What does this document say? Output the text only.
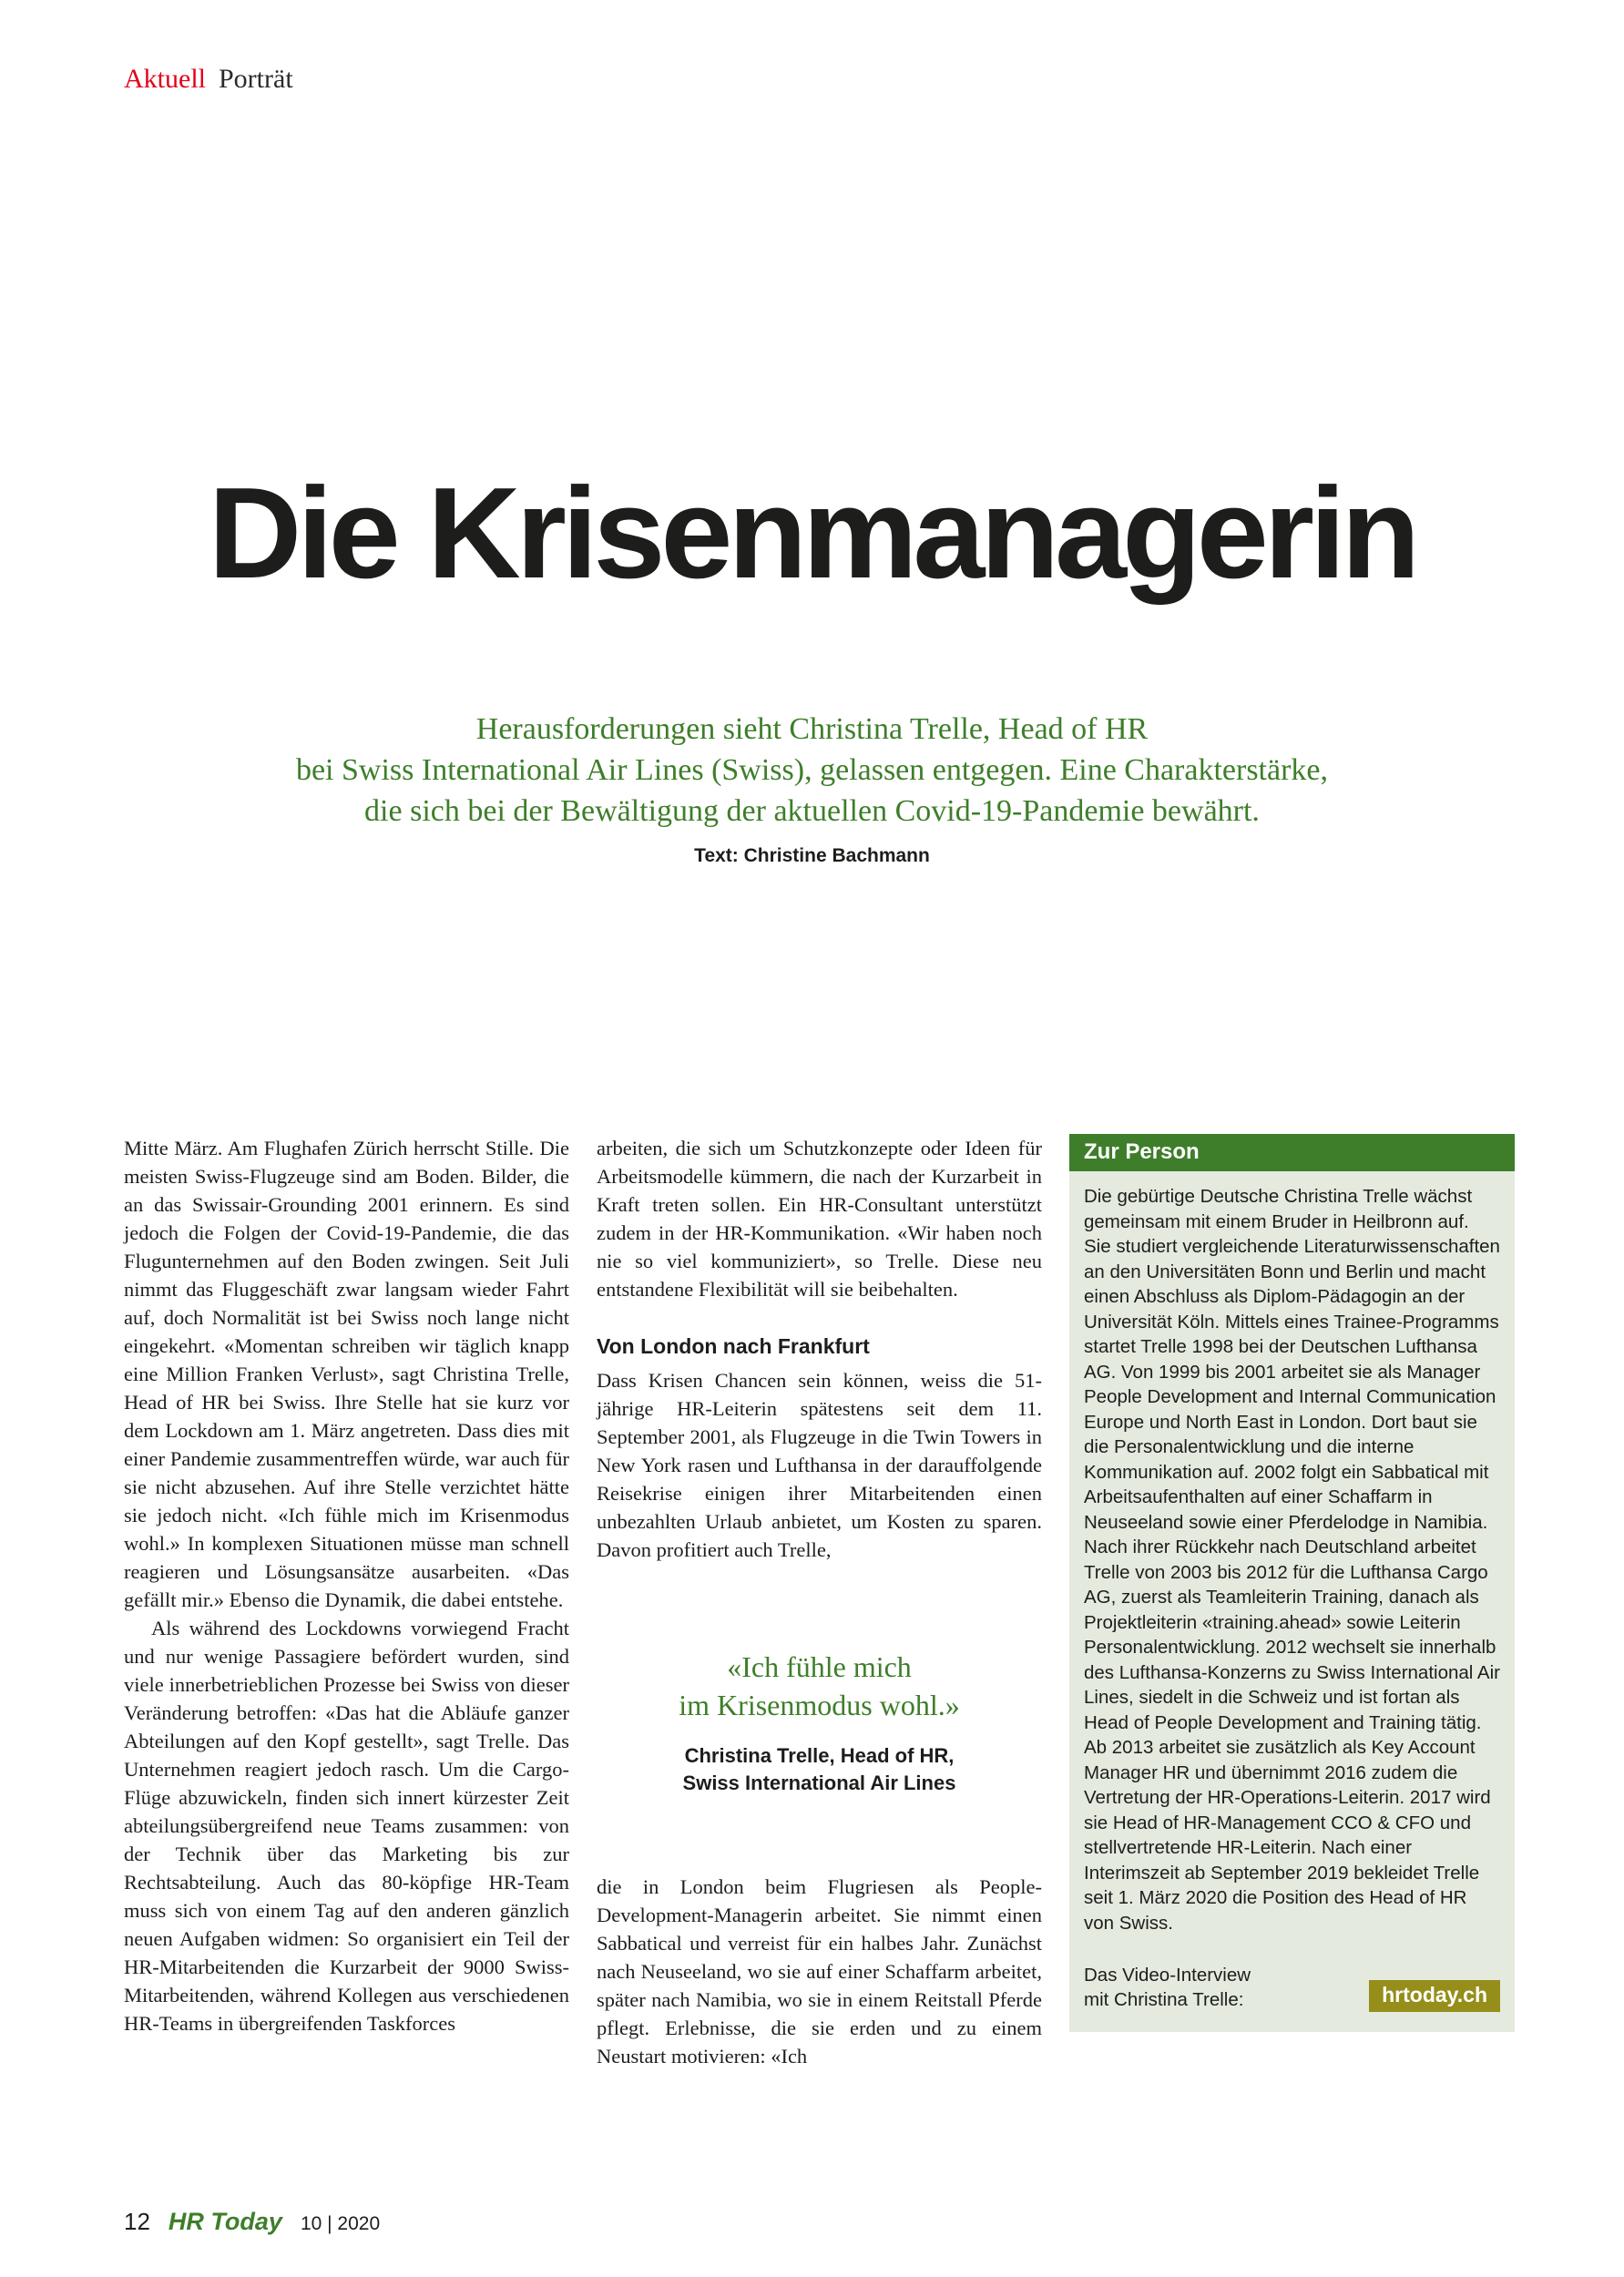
Aktuell Porträt
Die Krisenmanagerin
Herausforderungen sieht Christina Trelle, Head of HR
bei Swiss International Air Lines (Swiss), gelassen entgegen. Eine Charakterstärke,
die sich bei der Bewältigung der aktuellen Covid-19-Pandemie bewährt.
Text: Christine Bachmann

Mitte März. Am Flughafen Zürich herrscht Stille. Die meisten Swiss-Flugzeuge sind am Boden. Bilder, die an das Swissair-Grounding 2001 erinnern. Es sind jedoch die Folgen der Covid-19-Pandemie, die das Flugunternehmen auf den Boden zwingen. Seit Juli nimmt das Fluggeschäft zwar langsam wieder Fahrt auf, doch Normalität ist bei Swiss noch lange nicht eingekehrt. «Momentan schreiben wir täglich knapp eine Million Franken Verlust», sagt Christina Trelle, Head of HR bei Swiss. Ihre Stelle hat sie kurz vor dem Lockdown am 1. März angetreten. Dass dies mit einer Pandemie zusammentreffen würde, war auch für sie nicht abzusehen. Auf ihre Stelle verzichtet hätte sie jedoch nicht. «Ich fühle mich im Krisenmodus wohl.» In komplexen Situationen müsse man schnell reagieren und Lösungsansätze ausarbeiten. «Das gefällt mir.» Ebenso die Dynamik, die dabei entstehe.

Als während des Lockdowns vorwiegend Fracht und nur wenige Passagiere befördert wurden, sind viele innerbetrieblichen Prozesse bei Swiss von dieser Veränderung betroffen: «Das hat die Abläufe ganzer Abteilungen auf den Kopf gestellt», sagt Trelle. Das Unternehmen reagiert jedoch rasch. Um die Cargo-Flüge abzuwickeln, finden sich innert kürzester Zeit abteilungsübergreifend neue Teams zusammen: von der Technik über das Marketing bis zur Rechtsabteilung. Auch das 80-köpfige HR-Team muss sich von einem Tag auf den anderen gänzlich neuen Aufgaben widmen: So organisiert ein Teil der HR-Mitarbeitenden die Kurzarbeit der 9000 Swiss-Mitarbeitenden, während Kollegen aus verschiedenen HR-Teams in übergreifenden Taskforces

arbeiten, die sich um Schutzkonzepte oder Ideen für Arbeitsmodelle kümmern, die nach der Kurzarbeit in Kraft treten sollen. Ein HR-Consultant unterstützt zudem in der HR-Kommunikation. «Wir haben noch nie so viel kommuniziert», so Trelle. Diese neu entstandene Flexibilität will sie beibehalten.

Von London nach Frankfurt

Dass Krisen Chancen sein können, weiss die 51-jährige HR-Leiterin spätestens seit dem 11. September 2001, als Flugzeuge in die Twin Towers in New York rasen und Lufthansa in der darauffolgende Reisekrise einigen ihrer Mitarbeitenden einen unbezahlten Urlaub anbietet, um Kosten zu sparen. Davon profitiert auch Trelle,

«Ich fühle mich
im Krisenmodus wohl.»
Christina Trelle, Head of HR,
Swiss International Air Lines

die in London beim Flugriesen als People-Development-Managerin arbeitet. Sie nimmt einen Sabbatical und verreist für ein halbes Jahr. Zunächst nach Neuseeland, wo sie auf einer Schaffarm arbeitet, später nach Namibia, wo sie in einem Reitstall Pferde pflegt. Erlebnisse, die sie erden und zu einem Neustart motivieren: «Ich

Zur Person

Die gebürtige Deutsche Christina Trelle wächst gemeinsam mit einem Bruder in Heilbronn auf. Sie studiert vergleichende Literaturwissenschaften an den Universitäten Bonn und Berlin und macht einen Abschluss als Diplom-Pädagogin an der Universität Köln. Mittels eines Trainee-Programms startet Trelle 1998 bei der Deutschen Lufthansa AG. Von 1999 bis 2001 arbeitet sie als Manager People Development and Internal Communication Europe und North East in London. Dort baut sie die Personalentwicklung und die interne Kommunikation auf. 2002 folgt ein Sabbatical mit Arbeitsaufenthalten auf einer Schaffarm in Neuseeland sowie einer Pferdelodge in Namibia. Nach ihrer Rückkehr nach Deutschland arbeitet Trelle von 2003 bis 2012 für die Lufthansa Cargo AG, zuerst als Teamleiterin Training, danach als Projektleiterin «training.ahead» sowie Leiterin Personalentwicklung. 2012 wechselt sie innerhalb des Lufthansa-Konzerns zu Swiss International Air Lines, siedelt in die Schweiz und ist fortan als Head of People Development and Training tätig. Ab 2013 arbeitet sie zusätzlich als Key Account Manager HR und übernimmt 2016 zudem die Vertretung der HR-Operations-Leiterin. 2017 wird sie Head of HR-Management CCO & CFO und stellvertretende HR-Leiterin. Nach einer Interimszeit ab September 2019 bekleidet Trelle seit 1. März 2020 die Position des Head of HR von Swiss.

Das Video-Interview
mit Christina Trelle:	hrtoday.ch
12 HR Today 10 | 2020
